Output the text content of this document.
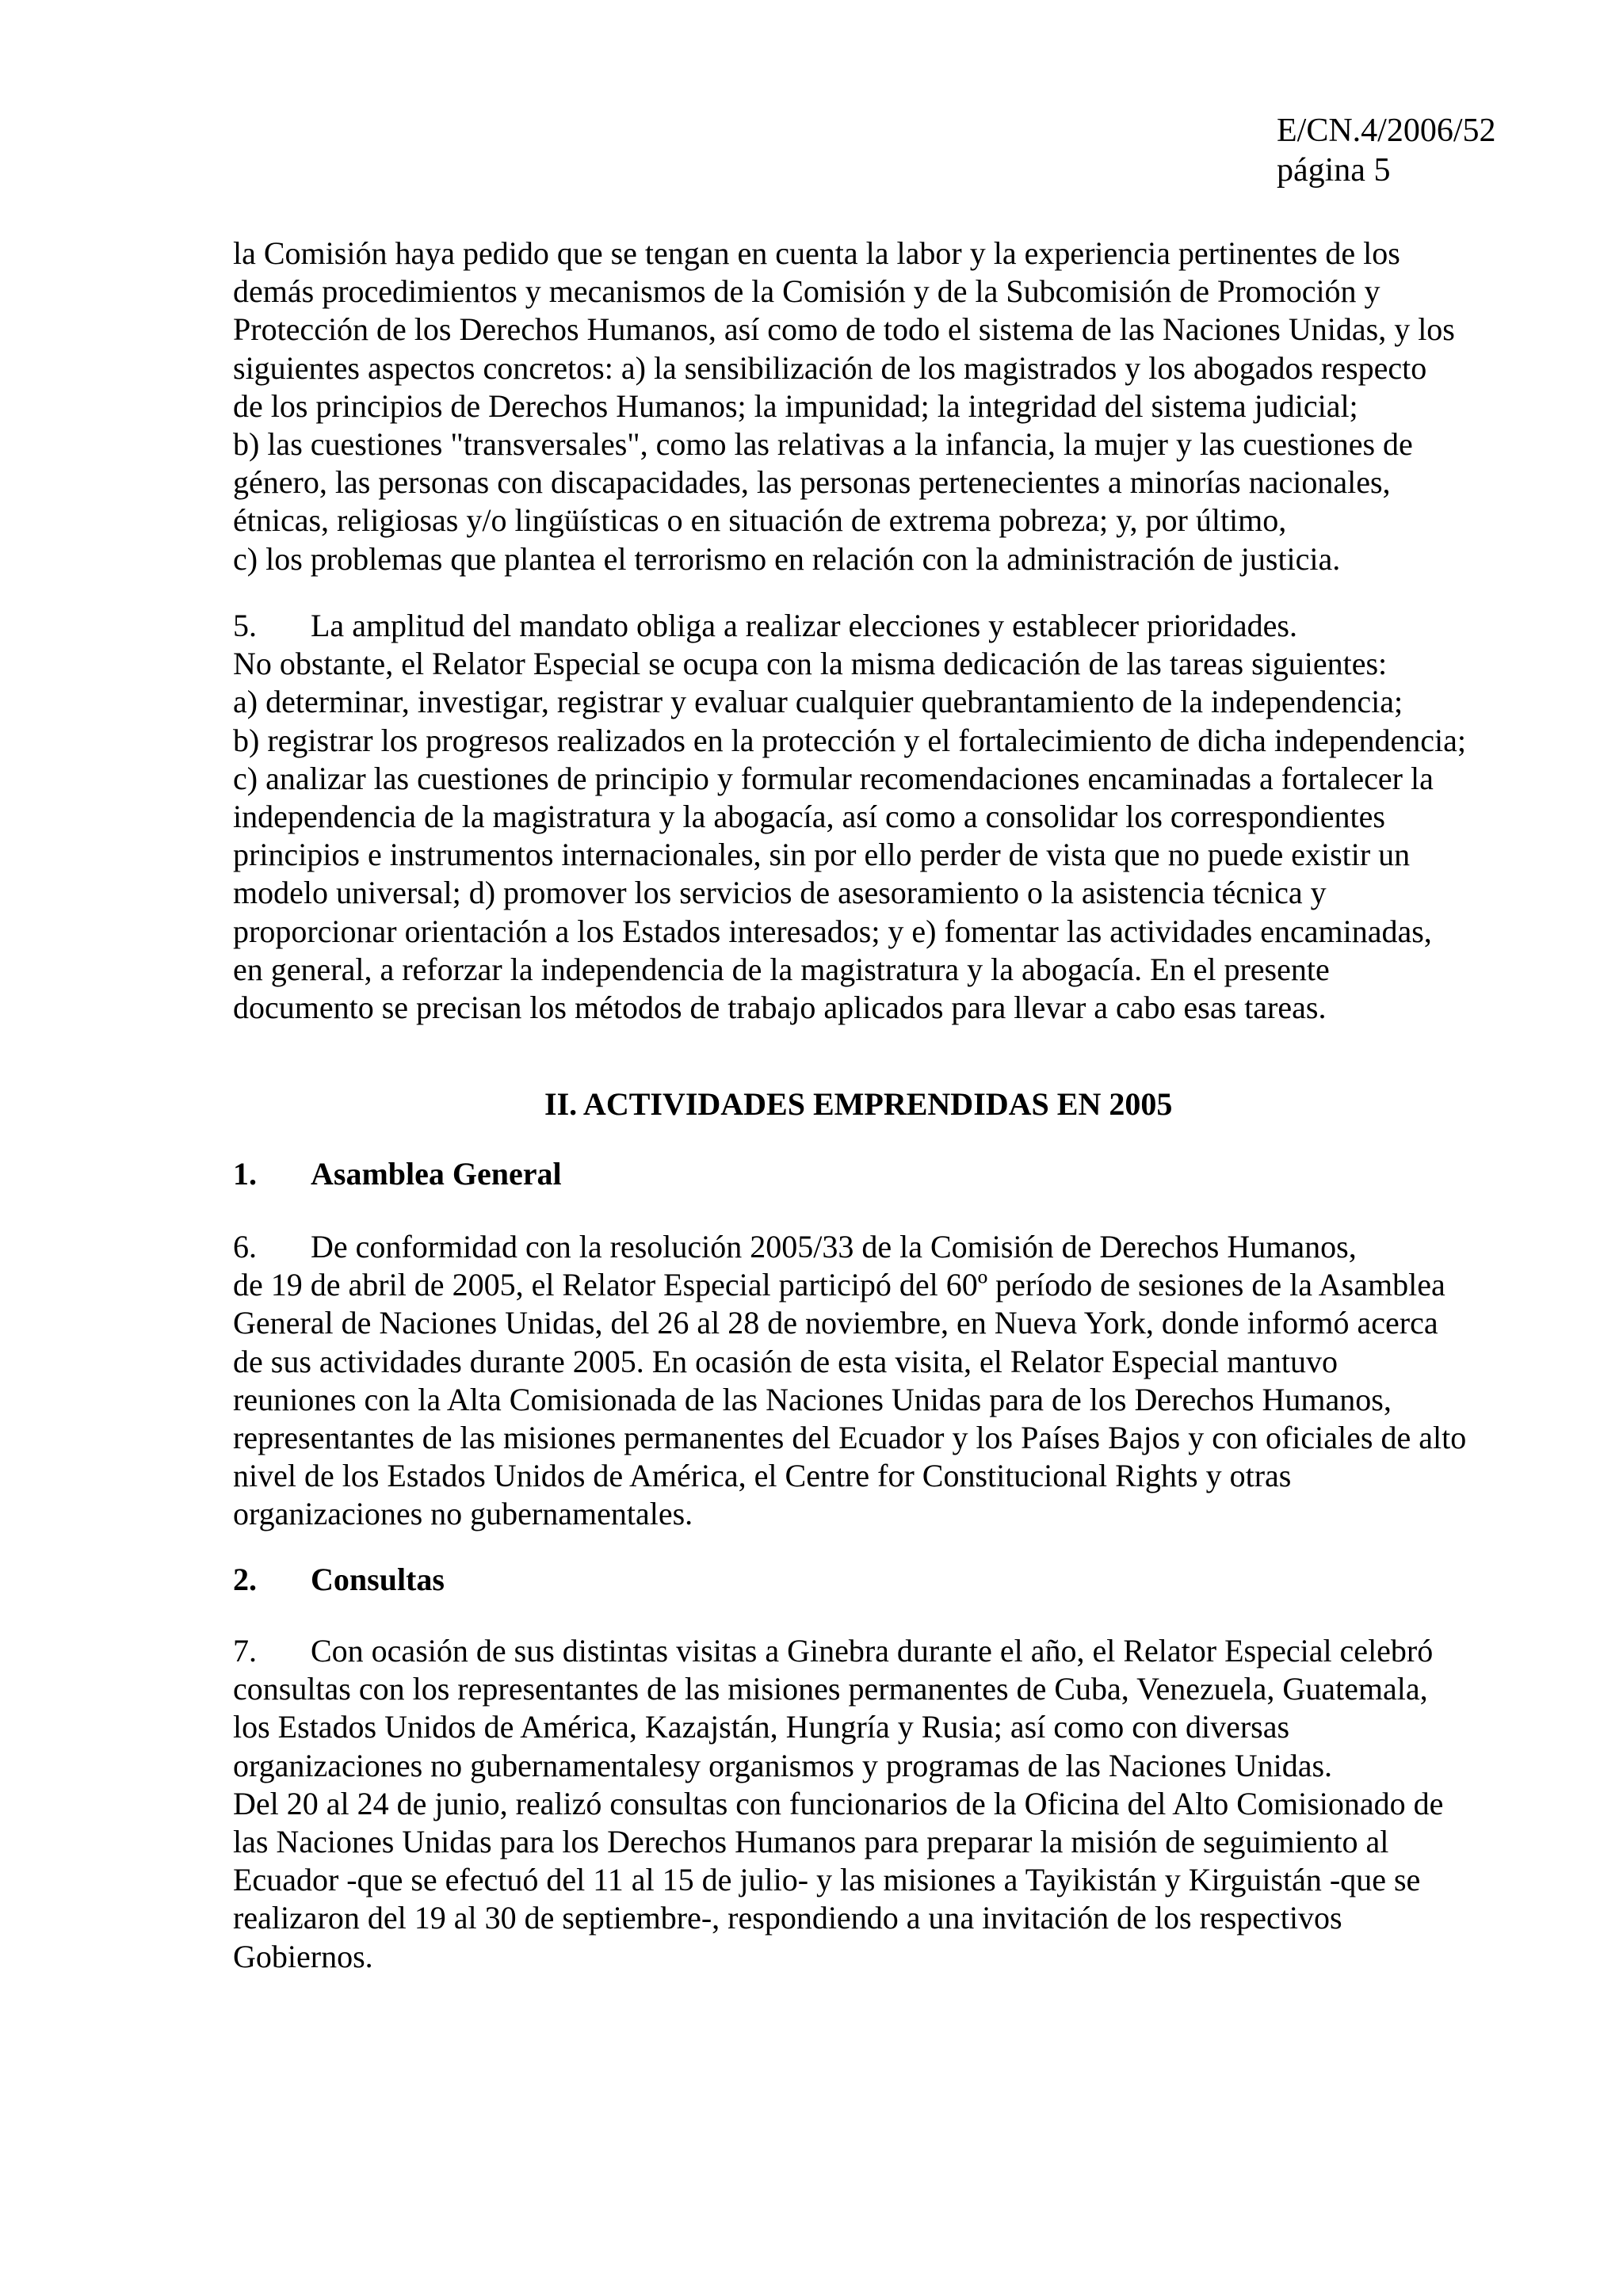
E/CN.4/2006/52
página 5
la Comisión haya pedido que se tengan en cuenta la labor y la experiencia pertinentes de los
demás procedimientos y mecanismos de la Comisión y de la Subcomisión de Promoción y
Protección de los Derechos Humanos, así como de todo el sistema de las Naciones Unidas, y los
siguientes aspectos concretos: a) la sensibilización de los magistrados y los abogados respecto
de los principios de Derechos Humanos; la impunidad; la integridad del sistema judicial;
b) las cuestiones "transversales", como las relativas a la infancia, la mujer y las cuestiones de
género, las personas con discapacidades, las personas pertenecientes a minorías nacionales,
étnicas, religiosas y/o lingüísticas o en situación de extrema pobreza; y, por último,
c) los problemas que plantea el terrorismo en relación con la administración de justicia.
5. La amplitud del mandato obliga a realizar elecciones y establecer prioridades.
No obstante, el Relator Especial se ocupa con la misma dedicación de las tareas siguientes:
a) determinar, investigar, registrar y evaluar cualquier quebrantamiento de la independencia;
b) registrar los progresos realizados en la protección y el fortalecimiento de dicha independencia;
c) analizar las cuestiones de principio y formular recomendaciones encaminadas a fortalecer la
independencia de la magistratura y la abogacía, así como a consolidar los correspondientes
principios e instrumentos internacionales, sin por ello perder de vista que no puede existir un
modelo universal; d) promover los servicios de asesoramiento o la asistencia técnica y
proporcionar orientación a los Estados interesados; y e) fomentar las actividades encaminadas,
en general, a reforzar la independencia de la magistratura y la abogacía. En el presente
documento se precisan los métodos de trabajo aplicados para llevar a cabo esas tareas.
II. ACTIVIDADES EMPRENDIDAS EN 2005
1. Asamblea General
6. De conformidad con la resolución 2005/33 de la Comisión de Derechos Humanos,
de 19 de abril de 2005, el Relator Especial participó del 60º período de sesiones de la Asamblea
General de Naciones Unidas, del 26 al 28 de noviembre, en Nueva York, donde informó acerca
de sus actividades durante 2005. En ocasión de esta visita, el Relator Especial mantuvo
reuniones con la Alta Comisionada de las Naciones Unidas para de los Derechos Humanos,
representantes de las misiones permanentes del Ecuador y los Países Bajos y con oficiales de alto
nivel de los Estados Unidos de América, el Centre for Constitucional Rights y otras
organizaciones no gubernamentales.
2. Consultas
7. Con ocasión de sus distintas visitas a Ginebra durante el año, el Relator Especial celebró
consultas con los representantes de las misiones permanentes de Cuba, Venezuela, Guatemala,
los Estados Unidos de América, Kazajstán, Hungría y Rusia; así como con diversas
organizaciones no gubernamentalesy organismos y programas de las Naciones Unidas.
Del 20 al 24 de junio, realizó consultas con funcionarios de la Oficina del Alto Comisionado de
las Naciones Unidas para los Derechos Humanos para preparar la misión de seguimiento al
Ecuador -que se efectuó del 11 al 15 de julio- y las misiones a Tayikistán y Kirguistán -que se
realizaron del 19 al 30 de septiembre-, respondiendo a una invitación de los respectivos
Gobiernos.
